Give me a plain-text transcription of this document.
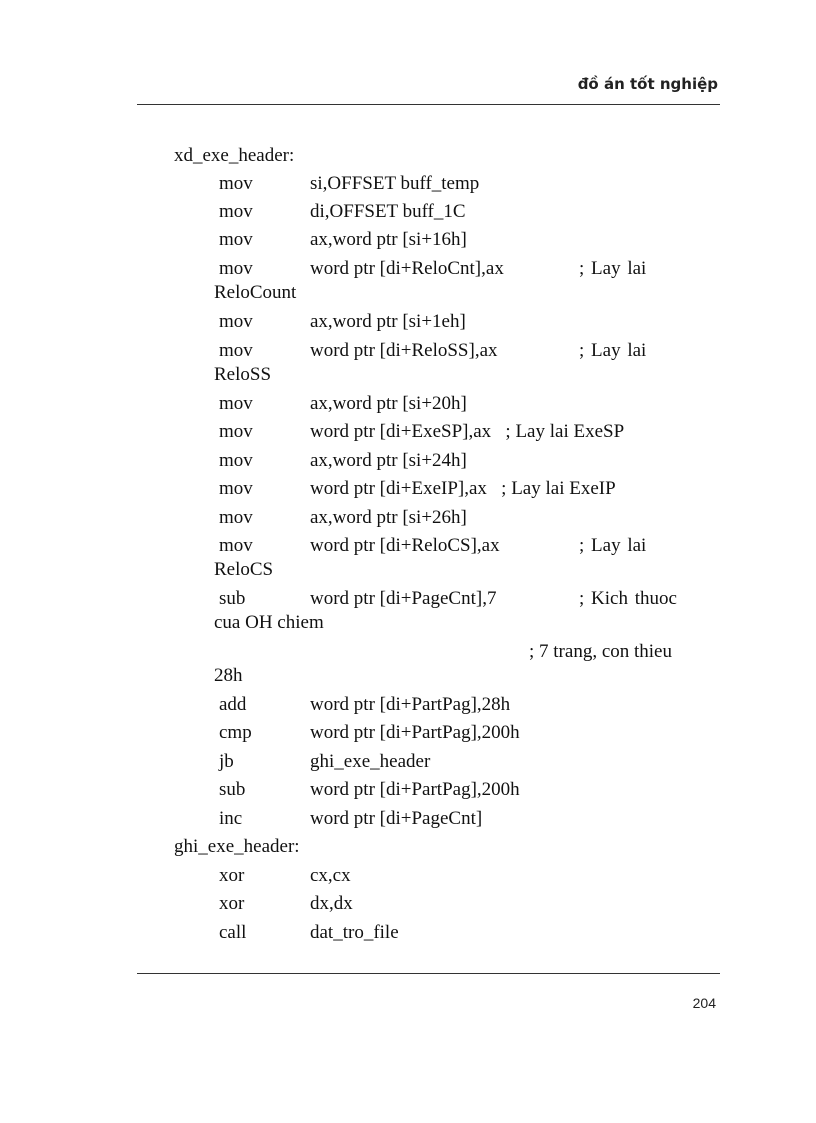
đồ án tốt nghiệp
xd_exe_header:
mov	si,OFFSET buff_temp
mov	di,OFFSET buff_1C
mov	ax,word ptr [si+16h]
mov	word ptr [di+ReloCnt],ax	; Lay lai
ReloCount
mov	ax,word ptr [si+1eh]
mov	word ptr [di+ReloSS],ax	; Lay lai
ReloSS
mov	ax,word ptr [si+20h]
mov	word ptr [di+ExeSP],ax   ; Lay lai ExeSP
mov	ax,word ptr [si+24h]
mov	word ptr [di+ExeIP],ax   ; Lay lai ExeIP
mov	ax,word ptr [si+26h]
mov	word ptr [di+ReloCS],ax	; Lay lai
ReloCS
sub	word ptr [di+PageCnt],7	; Kich thuoc
cua OH chiem
; 7 trang, con thieu
28h
add	word ptr [di+PartPag],28h
cmp	word ptr [di+PartPag],200h
jb	ghi_exe_header
sub	word ptr [di+PartPag],200h
inc	word ptr [di+PageCnt]
ghi_exe_header:
xor	cx,cx
xor	dx,dx
call	dat_tro_file
204
